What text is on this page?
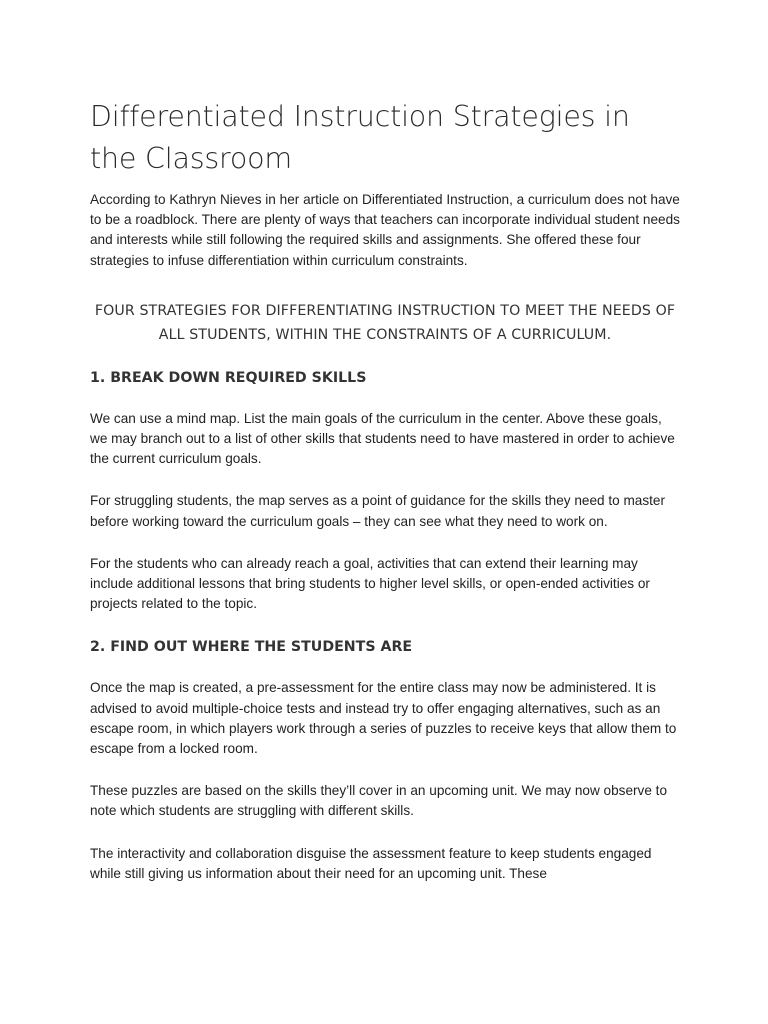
Differentiated Instruction Strategies in the Classroom

According to Kathryn Nieves in her article on Differentiated Instruction, a curriculum does not have to be a roadblock. There are plenty of ways that teachers can incorporate individual student needs and interests while still following the required skills and assignments. She offered these four strategies to infuse differentiation within curriculum constraints.

FOUR STRATEGIES FOR DIFFERENTIATING INSTRUCTION TO MEET THE NEEDS OF ALL STUDENTS, WITHIN THE CONSTRAINTS OF A CURRICULUM.

1. BREAK DOWN REQUIRED SKILLS

We can use a mind map. List the main goals of the curriculum in the center. Above these goals, we may branch out to a list of other skills that students need to have mastered in order to achieve the current curriculum goals.

For struggling students, the map serves as a point of guidance for the skills they need to master before working toward the curriculum goals – they can see what they need to work on.

For the students who can already reach a goal, activities that can extend their learning may include additional lessons that bring students to higher level skills, or open-ended activities or projects related to the topic.

2. FIND OUT WHERE THE STUDENTS ARE

Once the map is created, a pre-assessment for the entire class may now be administered. It is advised to avoid multiple-choice tests and instead try to offer engaging alternatives, such as an escape room, in which players work through a series of puzzles to receive keys that allow them to escape from a locked room.

These puzzles are based on the skills they’ll cover in an upcoming unit. We may now observe to note which students are struggling with different skills.

The interactivity and collaboration disguise the assessment feature to keep students engaged while still giving us information about their need for an upcoming unit. These
